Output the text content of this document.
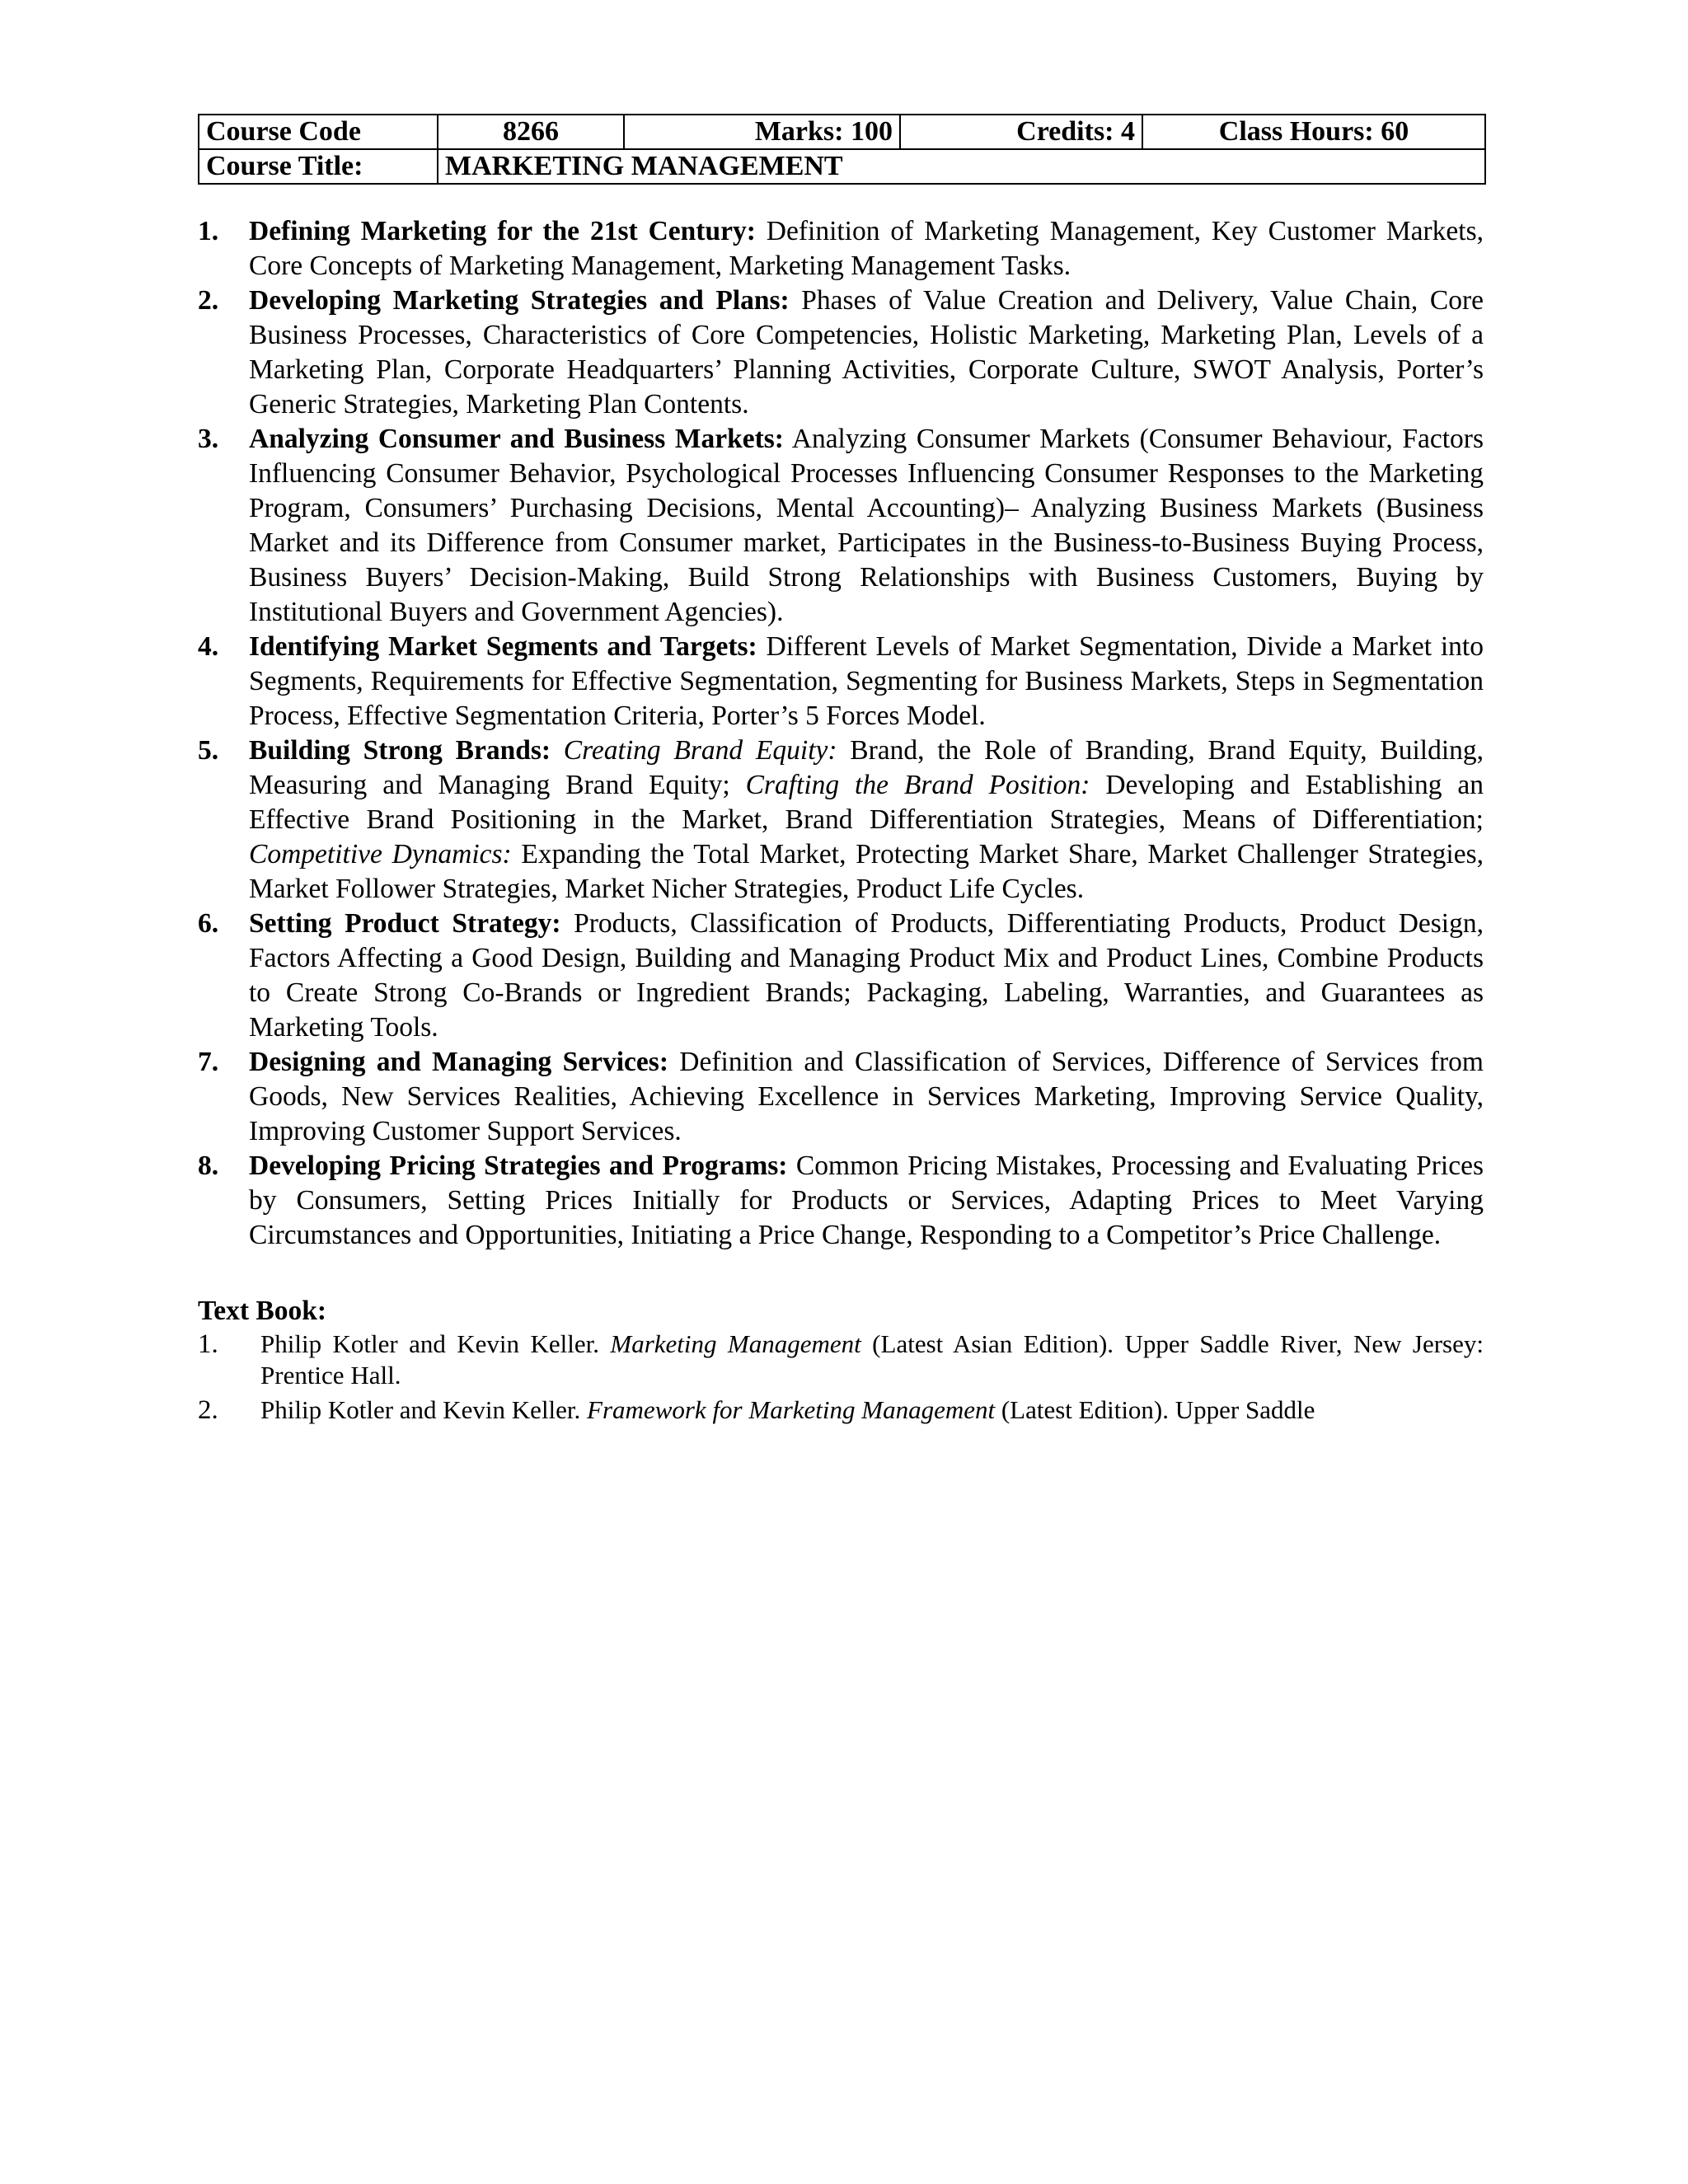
Course Code	8266	Marks: 100	Credits: 4	Class Hours: 60
Course Title:	MARKETING MANAGEMENT			
1. Defining Marketing for the 21st Century: Definition of Marketing Management, Key Customer Markets, Core Concepts of Marketing Management, Marketing Management Tasks.
2. Developing Marketing Strategies and Plans: Phases of Value Creation and Delivery, Value Chain, Core Business Processes, Characteristics of Core Competencies, Holistic Marketing, Marketing Plan, Levels of a Marketing Plan, Corporate Headquarters’ Planning Activities, Corporate Culture, SWOT Analysis, Porter’s Generic Strategies, Marketing Plan Contents.
3. Analyzing Consumer and Business Markets: Analyzing Consumer Markets (Consumer Behaviour, Factors Influencing Consumer Behavior, Psychological Processes Influencing Consumer Responses to the Marketing Program, Consumers’ Purchasing Decisions, Mental Accounting)– Analyzing Business Markets (Business Market and its Difference from Consumer market, Participates in the Business-to-Business Buying Process, Business Buyers’ Decision-Making, Build Strong Relationships with Business Customers, Buying by Institutional Buyers and Government Agencies).
4. Identifying Market Segments and Targets: Different Levels of Market Segmentation, Divide a Market into Segments, Requirements for Effective Segmentation, Segmenting for Business Markets, Steps in Segmentation Process, Effective Segmentation Criteria, Porter’s 5 Forces Model.
5. Building Strong Brands: Creating Brand Equity: Brand, the Role of Branding, Brand Equity, Building, Measuring and Managing Brand Equity; Crafting the Brand Position: Developing and Establishing an Effective Brand Positioning in the Market, Brand Differentiation Strategies, Means of Differentiation; Competitive Dynamics: Expanding the Total Market, Protecting Market Share, Market Challenger Strategies, Market Follower Strategies, Market Nicher Strategies, Product Life Cycles.
6. Setting Product Strategy: Products, Classification of Products, Differentiating Products, Product Design, Factors Affecting a Good Design, Building and Managing Product Mix and Product Lines, Combine Products to Create Strong Co-Brands or Ingredient Brands; Packaging, Labeling, Warranties, and Guarantees as Marketing Tools.
7. Designing and Managing Services: Definition and Classification of Services, Difference of Services from Goods, New Services Realities, Achieving Excellence in Services Marketing, Improving Service Quality, Improving Customer Support Services.
8. Developing Pricing Strategies and Programs: Common Pricing Mistakes, Processing and Evaluating Prices by Consumers, Setting Prices Initially for Products or Services, Adapting Prices to Meet Varying Circumstances and Opportunities, Initiating a Price Change, Responding to a Competitor’s Price Challenge.
Text Book:
1. Philip Kotler and Kevin Keller. Marketing Management (Latest Asian Edition). Upper Saddle River, New Jersey: Prentice Hall.
2. Philip Kotler and Kevin Keller. Framework for Marketing Management (Latest Edition). Upper Saddle
